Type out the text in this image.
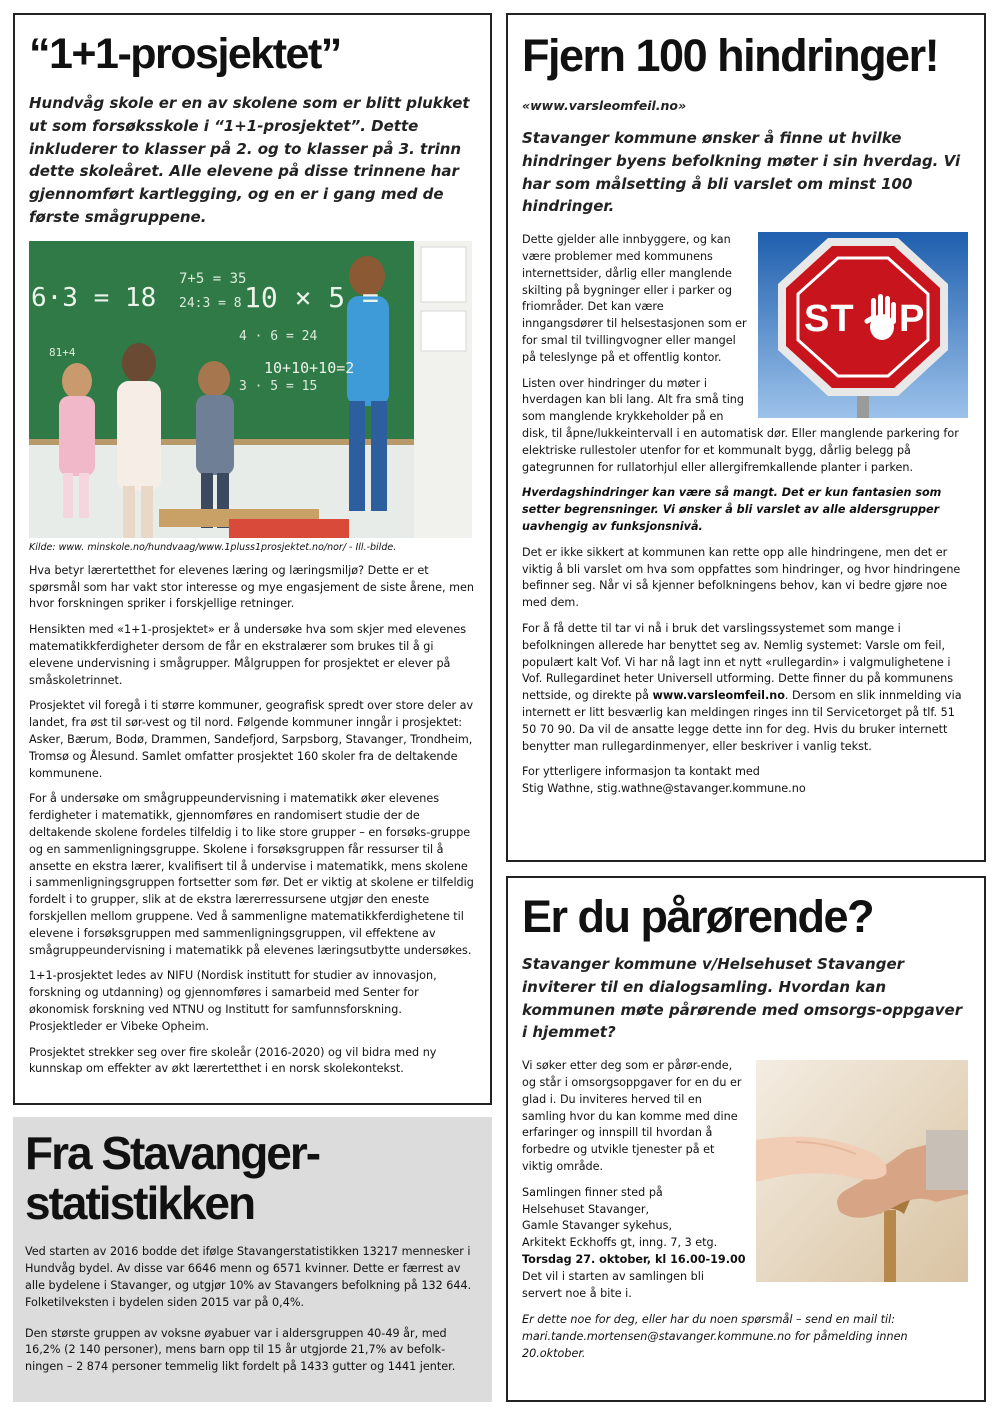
“1+1-prosjektet”
Hundvåg skole er en av skolene som er blitt plukket ut som forsøksskole i “1+1-prosjektet”. Dette inkluderer to klasser på 2. og to klasser på 3. trinn dette skoleåret. Alle elevene på disse trinnene har gjennomført kartlegging, og en er i gang med de første smågruppene.
6·3 = 18
7+5 = 35
24:3 = 8 10 × 5 =
4 · 6 = 24
10+10+10=2
3 · 5 = 15
81+4
Kilde: www. minskole.no/hundvaag/www.1pluss1prosjektet.no/nor/ - Ill.-bilde.

Hva betyr lærertetthet for elevenes læring og læringsmiljø? Dette er et spørsmål som har vakt stor interesse og mye engasjement de siste årene, men hvor forskningen spriker i forskjellige retninger.

Hensikten med «1+1-prosjektet» er å undersøke hva som skjer med elevenes matematikkferdigheter dersom de får en ekstralærer som brukes til å gi elevene undervisning i smågrupper. Målgruppen for prosjektet er elever på småskoletrinnet.

Prosjektet vil foregå i ti større kommuner, geografisk spredt over store deler av landet, fra øst til sør-vest og til nord. Følgende kommuner inngår i prosjektet: Asker, Bærum, Bodø, Drammen, Sandefjord, Sarpsborg, Stavanger, Trondheim, Tromsø og Ålesund. Samlet omfatter prosjektet 160 skoler fra de deltakende kommunene.

For å undersøke om smågruppeundervisning i matematikk øker elevenes ferdigheter i matematikk, gjennomføres en randomisert studie der de deltakende skolene fordeles tilfeldig i to like store grupper – en forsøks-gruppe og en sammenligningsgruppe. Skolene i forsøksgruppen får ressurser til å ansette en ekstra lærer, kvalifisert til å undervise i matematikk, mens skolene i sammenligningsgruppen fortsetter som før. Det er viktig at skolene er tilfeldig fordelt i to grupper, slik at de ekstra lærerressursene utgjør den eneste forskjellen mellom gruppene. Ved å sammenligne matematikkferdighetene til elevene i forsøksgruppen med sammenligningsgruppen, vil effektene av smågruppeundervisning i matematikk på elevenes læringsutbytte undersøkes.

1+1-prosjektet ledes av NIFU (Nordisk institutt for studier av innovasjon, forskning og utdanning) og gjennomføres i samarbeid med Senter for økonomisk forskning ved NTNU og Institutt for samfunnsforskning. Prosjektleder er Vibeke Opheim.

Prosjektet strekker seg over fire skoleår (2016-2020) og vil bidra med ny kunnskap om effekter av økt lærertetthet i en norsk skolekontekst.

Fjern 100 hindringer!
«www.varsleomfeil.no»
Stavanger kommune ønsker å finne ut hvilke hindringer byens befolkning møter i sin hverdag. Vi har som målsetting å bli varslet om minst 100 hindringer.
ST P

Dette gjelder alle innbyggere, og kan være problemer med kommunens internettsider, dårlig eller manglende skilting på bygninger eller i parker og friområder. Det kan være inngangsdører til helsestasjonen som er for smal til tvillingvogner eller mangel på teleslynge på et offentlig kontor.

Listen over hindringer du møter i hverdagen kan bli lang. Alt fra små ting som manglende krykkeholder på en disk, til åpne/lukkeintervall i en automatisk dør. Eller manglende parkering for elektriske rullestoler utenfor for et kommunalt bygg, dårlig belegg på gategrunnen for rullatorhjul eller allergifremkallende planter i parken.

Hverdagshindringer kan være så mangt. Det er kun fantasien som setter begrensninger. Vi ønsker å bli varslet av alle aldersgrupper uavhengig av funksjonsnivå.

Det er ikke sikkert at kommunen kan rette opp alle hindringene, men det er viktig å bli varslet om hva som oppfattes som hindringer, og hvor hindringene befinner seg. Når vi så kjenner befolkningens behov, kan vi bedre gjøre noe med dem.

For å få dette til tar vi nå i bruk det varslingssystemet som mange i befolkningen allerede har benyttet seg av. Nemlig systemet: Varsle om feil, populært kalt Vof. Vi har nå lagt inn et nytt «rullegardin» i valgmulighetene i Vof. Rullegardinet heter Universell utforming. Dette finner du på kommunens nettside, og direkte på www.varsleomfeil.no. Dersom en slik innmelding via internett er litt besværlig kan meldingen ringes inn til Servicetorget på tlf. 51 50 70 90. Da vil de ansatte legge dette inn for deg. Hvis du bruker internett benytter man rullegardinmenyer, eller beskriver i vanlig tekst.

For ytterligere informasjon ta kontakt med
Stig Wathne, stig.wathne@stavanger.kommune.no

Fra Stavanger-
statistikken

Ved starten av 2016 bodde det ifølge Stavangerstatistikken 13217 mennesker i Hundvåg bydel. Av disse var 6646 menn og 6571 kvinner. Dette er færrest av alle bydelene i Stavanger, og utgjør 10% av Stavangers befolkning på 132 644. Folketilveksten i bydelen siden 2015 var på 0,4%.

Den største gruppen av voksne øyabuer var i aldersgruppen 40-49 år, med 16,2% (2 140 personer), mens barn opp til 15 år utgjorde 21,7% av befolk-ningen – 2 874 personer temmelig likt fordelt på 1433 gutter og 1441 jenter.

Er du pårørende?
Stavanger kommune v/Helsehuset Stavanger inviterer til en dialogsamling. Hvordan kan kommunen møte pårørende med omsorgs-oppgaver i hjemmet?

Vi søker etter deg som er pårør-ende, og står i omsorgsoppgaver for en du er glad i. Du inviteres herved til en samling hvor du kan komme med dine erfaringer og innspill til hvordan å forbedre og utvikle tjenester på et viktig område.

Samlingen finner sted på
Helsehuset Stavanger,
Gamle Stavanger sykehus,
Arkitekt Eckhoffs gt, inng. 7, 3 etg.
Torsdag 27. oktober, kl 16.00-19.00
Det vil i starten av samlingen bli servert noe å bite i.

Er dette noe for deg, eller har du noen spørsmål – send en mail til: mari.tande.mortensen@stavanger.kommune.no for påmelding innen 20.oktober.
